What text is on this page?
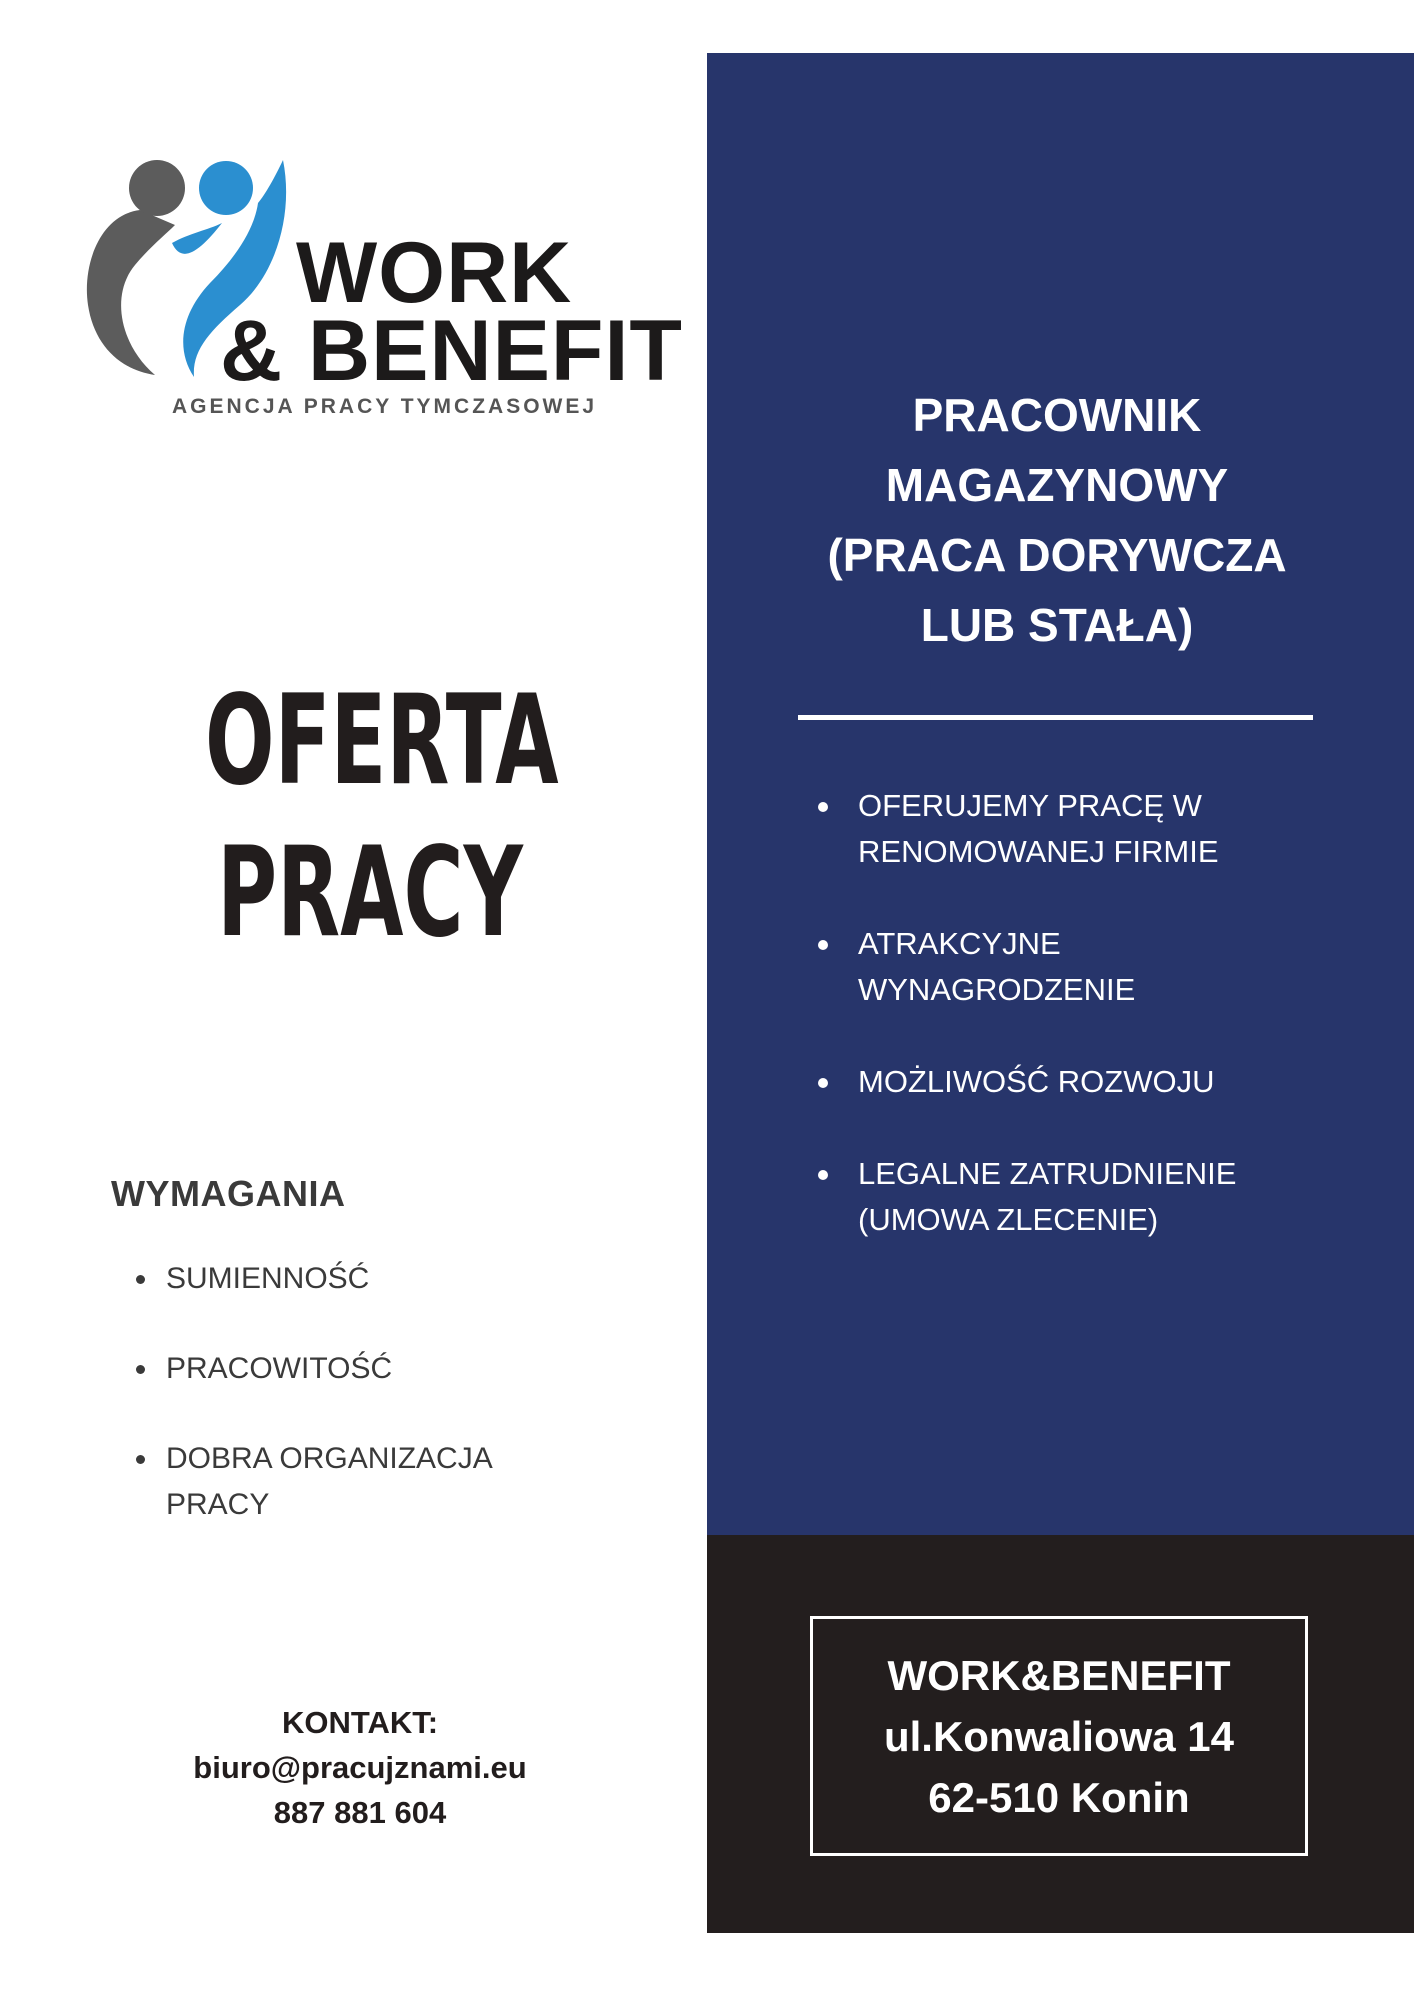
WORK
& BENEFIT
AGENCJA PRACY TYMCZASOWEJ
OFERTA
PRACY
WYMAGANIA
SUMIENNOŚĆ
PRACOWITOŚĆ
DOBRA ORGANIZACJA PRACY
KONTAKT:
biuro@pracujznami.eu
887 881 604
PRACOWNIK
MAGAZYNOWY
(PRACA DORYWCZA
LUB STAŁA)
OFERUJEMY PRACĘ W RENOMOWANEJ FIRMIE
ATRAKCYJNE WYNAGRODZENIE
MOŻLIWOŚĆ ROZWOJU
LEGALNE ZATRUDNIENIE (UMOWA ZLECENIE)
WORK&BENEFIT
ul.Konwaliowa 14
62-510 Konin
